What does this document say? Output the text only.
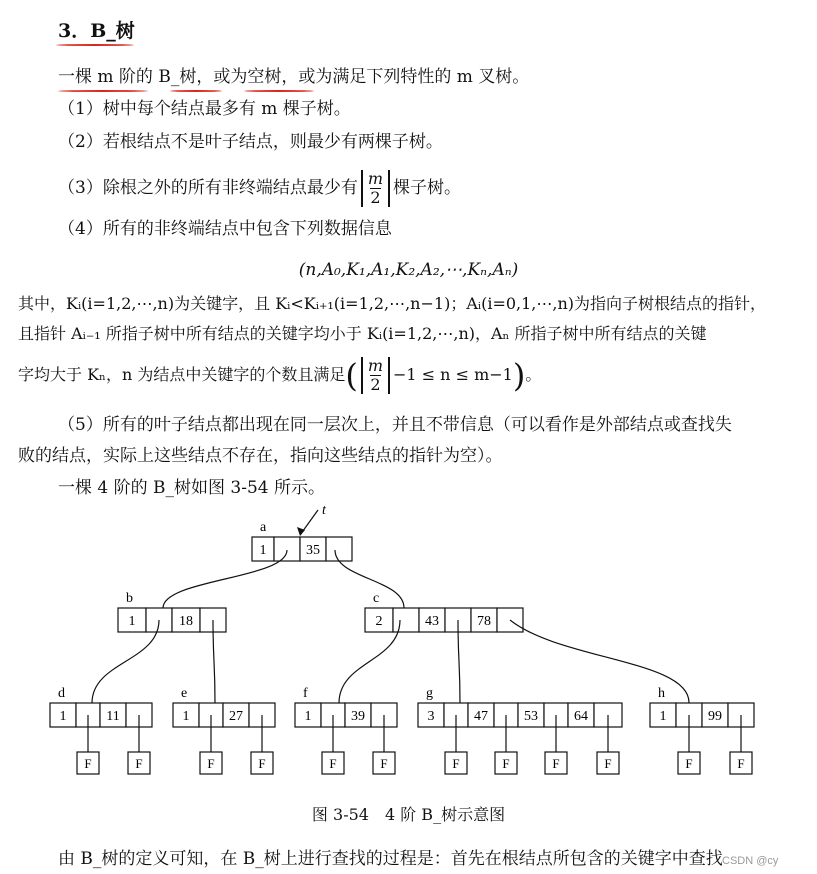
3．B_树
一棵 m 阶的 B_树，或为空树，或为满足下列特性的 m 叉树。
（1）树中每个结点最多有 m 棵子树。
（2）若根结点不是叶子结点，则最少有两棵子树。
（3）除根之外的所有非终端结点最少有 $\frac{m}{2}$ 棵子树。
（4）所有的非终端结点中包含下列数据信息
(n,A₀,K₁,A₁,K₂,A₂,⋯,Kₙ,Aₙ)
其中，Kᵢ(i=1,2,⋯,n)为关键字，且 Kᵢ<Kᵢ₊₁(i=1,2,⋯,n−1)；Aᵢ(i=0,1,⋯,n)为指向子树根结点的指针，
且指针 Aᵢ₋₁ 所指子树中所有结点的关键字均小于 Kᵢ(i=1,2,⋯,n)，Aₙ 所指子树中所有结点的关键
字均大于 Kₙ，n 为结点中关键字的个数且满足( $\frac{m}{2} -1 \le n \le m-1$)。
（5）所有的叶子结点都出现在同一层次上，并且不带信息（可以看作是外部结点或查找失
败的结点，实际上这些结点不存在，指向这些结点的指针为空）。
一棵 4 阶的 B_树如图 3-54 所示。
1	35
a
1	18
b
2	43	78
c
1	11
d
1	27
e
1	39
f
3	47	53	64
g
1	99
h
t
F	F	F	F	F	F	F	F	F	F	F	F
图 3-54　4 阶 B_树示意图
由 B_树的定义可知，在 B_树上进行查找的过程是：首先在根结点所包含的关键字中查找 CSDN @cy
